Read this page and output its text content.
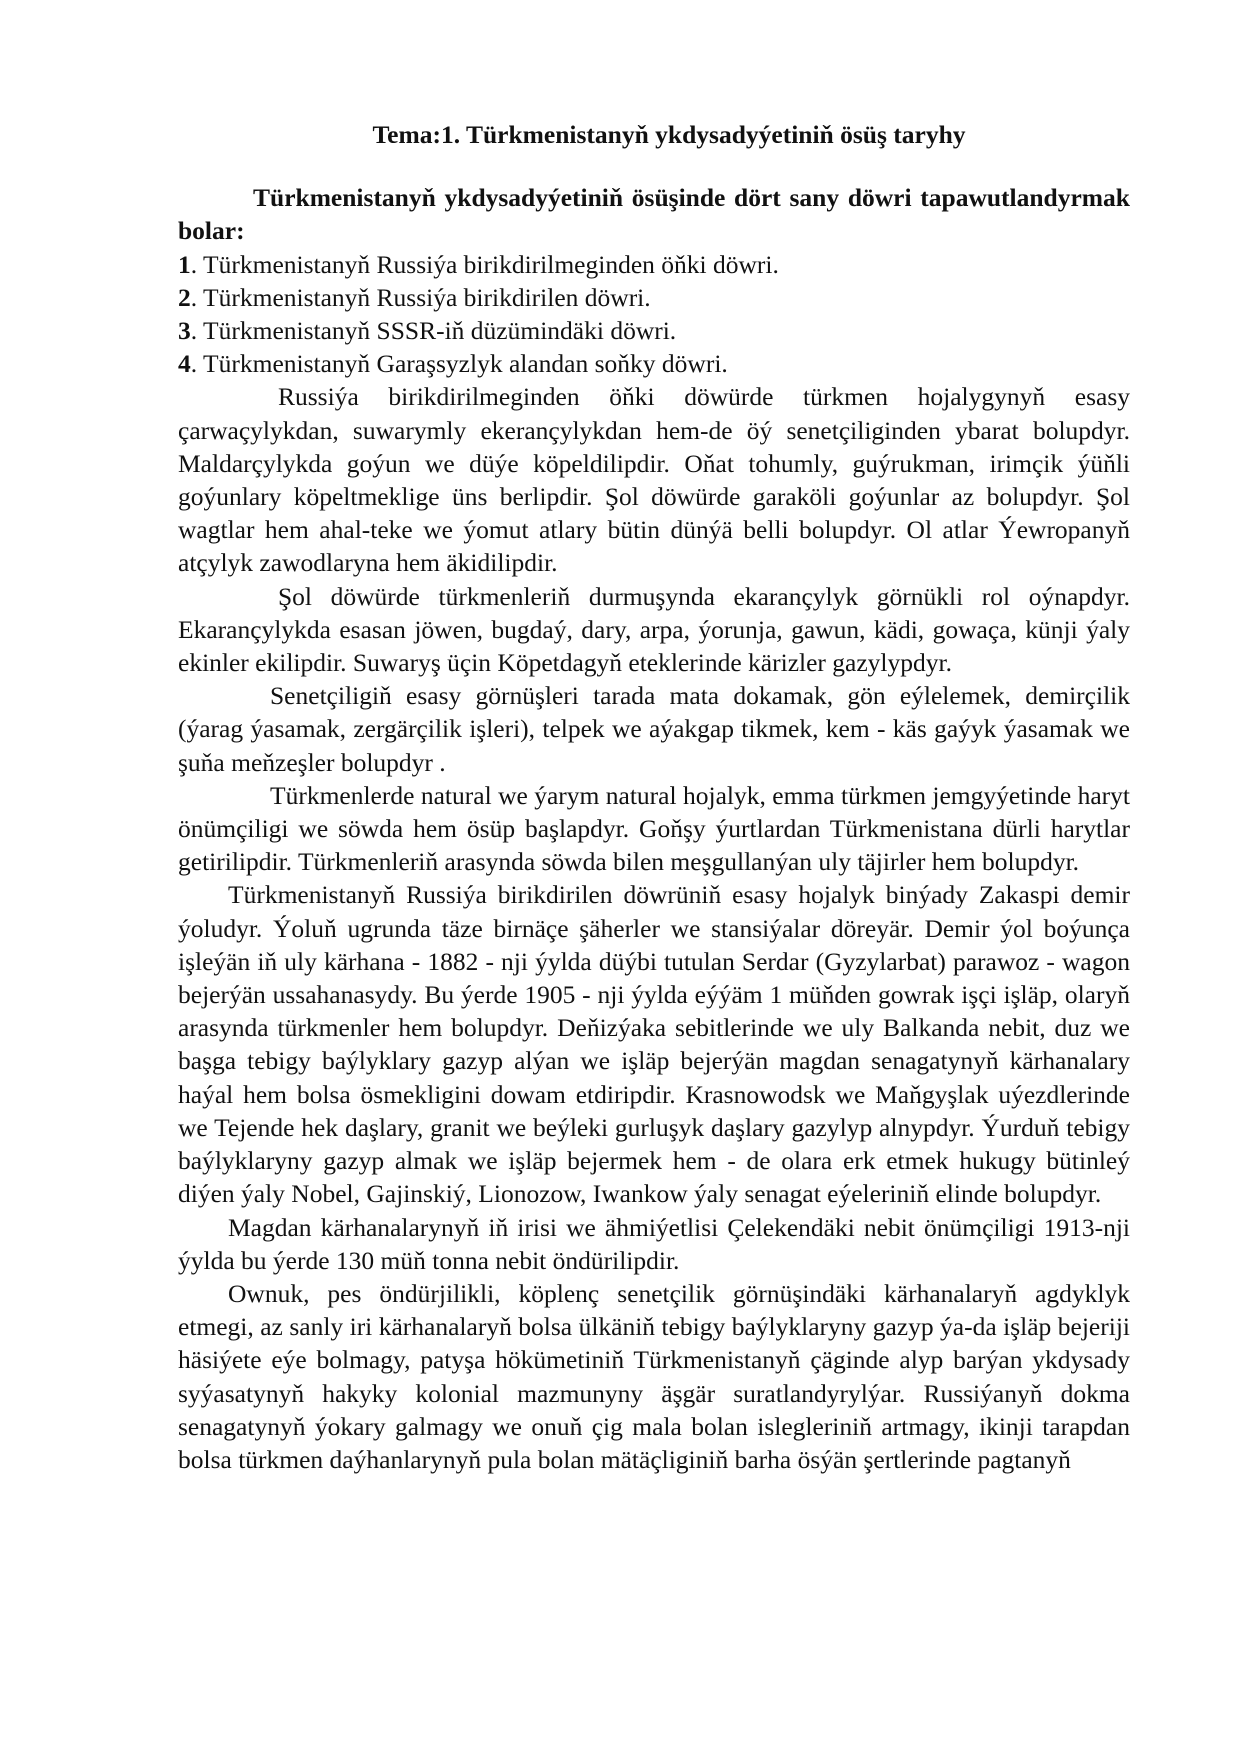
Tema:1. Türkmenistanyň ykdysadyýetiniň ösüş taryhy

Türkmenistanyň ykdysadyýetiniň ösüşinde dört sany döwri tapawutlandyrmak bolar:

1. Türkmenistanyň Russiýa birikdirilmeginden öňki döwri.
2. Türkmenistanyň Russiýa birikdirilen döwri.
3. Türkmenistanyň SSSR-iň düzümindäki döwri.
4. Türkmenistanyň Garaşsyzlyk alandan soňky döwri.

Russiýa birikdirilmeginden öňki döwürde türkmen hojalygynyň esasy çarwaçylykdan, suwarymly ekerançylykdan hem-de öý senetçiliginden ybarat bolupdyr. Maldarçylykda goýun we düýe köpeldilipdir. Oňat tohumly, guýrukman, irimçik ýüňli goýunlary köpeltmeklige üns berlipdir. Şol döwürde garaköli goýunlar az bolupdyr. Şol wagtlar hem ahal-teke we ýomut atlary bütin dünýä belli bolupdyr. Ol atlar Ýewropanyň atçylyk zawodlaryna hem äkidilipdir.

Şol döwürde türkmenleriň durmuşynda ekarançylyk görnükli rol oýnapdyr. Ekarançylykda esasan jöwen, bugdaý, dary, arpa, ýorunja, gawun, kädi, gowaça, künji ýaly ekinler ekilipdir. Suwaryş üçin Köpetdagyň eteklerinde kärizler gazylypdyr.

Senetçiligiň esasy görnüşleri tarada mata dokamak, gön eýlelemek, demirçilik (ýarag ýasamak, zergärçilik işleri), telpek we aýakgap tikmek, kem - käs gaýyk ýasamak we şuňa meňzeşler bolupdyr .

Türkmenlerde natural we ýarym natural hojalyk, emma türkmen jemgyýetinde haryt önümçiligi we söwda hem ösüp başlapdyr. Goňşy ýurtlardan Türkmenistana dürli harytlar getirilipdir. Türkmenleriň arasynda söwda bilen meşgullanýan uly täjirler hem bolupdyr.

Türkmenistanyň Russiýa birikdirilen döwrüniň esasy hojalyk binýady Zakaspi demir ýoludyr. Ýoluň ugrunda täze birnäçe şäherler we stansiýalar döreyär. Demir ýol boýunça işleýän iň uly kärhana - 1882 - nji ýylda düýbi tutulan Serdar (Gyzylarbat) parawoz - wagon bejerýän ussahanasydy. Bu ýerde 1905 - nji ýylda eýýäm 1 müňden gowrak işçi işläp, olaryň arasynda türkmenler hem bolupdyr. Deňizýaka sebitlerinde we uly Balkanda nebit, duz we başga tebigy baýlyklary gazyp alýan we işläp bejerýän magdan senagatynyň kärhanalary haýal hem bolsa ösmekligini dowam etdiripdir. Krasnowodsk we Maňgyşlak uýezdlerinde we Tejende hek daşlary, granit we beýleki gurluşyk daşlary gazylyp alnypdyr. Ýurduň tebigy baýlyklaryny gazyp almak we işläp bejermek hem - de olara erk etmek hukugy bütinleý diýen ýaly Nobel, Gajinskiý, Lionozow, Iwankow ýaly senagat eýeleriniň elinde bolupdyr.

Magdan kärhanalarynyň iň irisi we ähmiýetlisi Çelekendäki nebit önümçiligi 1913-nji ýylda bu ýerde 130 müň tonna nebit öndürilipdir.

Ownuk, pes öndürjilikli, köplenç senetçilik görnüşindäki kärhanalaryň agdyklyk etmegi, az sanly iri kärhanalaryň bolsa ülkäniň tebigy baýlyklaryny gazyp ýa-da işläp bejeriji häsiýete eýe bolmagy, patyşa hökümetiniň Türkmenistanyň çäginde alyp barýan ykdysady syýasatynyň hakyky kolonial mazmunyny äşgär suratlandyrylýar. Russiýanyň dokma senagatynyň ýokary galmagy we onuň çig mala bolan islegleriniň artmagy, ikinji tarapdan bolsa türkmen daýhanlarynyň pula bolan mätäçliginiň barha ösýän şertlerinde pagtanyň
